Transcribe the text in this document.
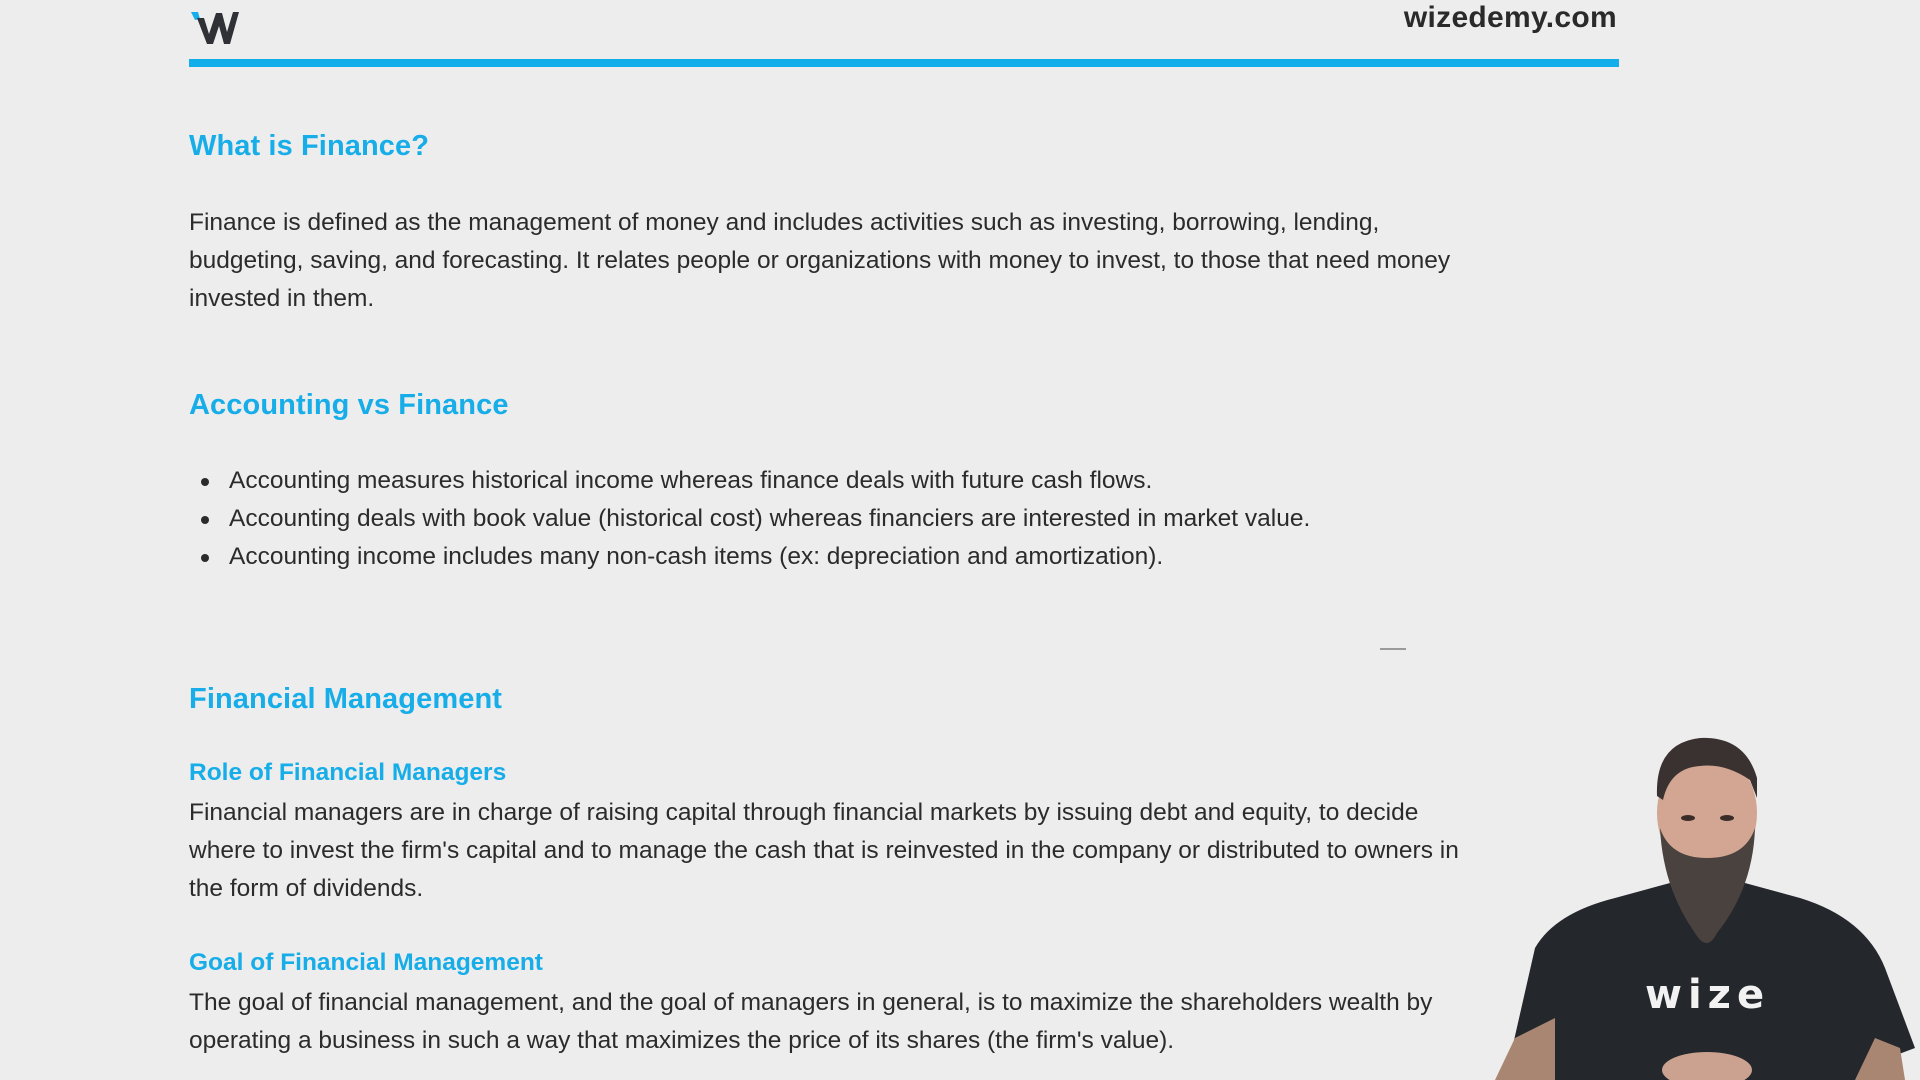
wizedemy.com
What is Finance?
Finance is defined as the management of money and includes activities such as investing, borrowing, lending,
budgeting, saving, and forecasting. It relates people or organizations with money to invest, to those that need money
invested in them.
Accounting vs Finance
Accounting measures historical income whereas finance deals with future cash flows.
Accounting deals with book value (historical cost) whereas financiers are interested in market value.
Accounting income includes many non-cash items (ex: depreciation and amortization).
Financial Management
Role of Financial Managers
Financial managers are in charge of raising capital through financial markets by issuing debt and equity, to decide
where to invest the firm's capital and to manage the cash that is reinvested in the company or distributed to owners in
the form of dividends.
Goal of Financial Management
The goal of financial management, and the goal of managers in general, is to maximize the shareholders wealth by
operating a business in such a way that maximizes the price of its shares (the firm's value).
wize
